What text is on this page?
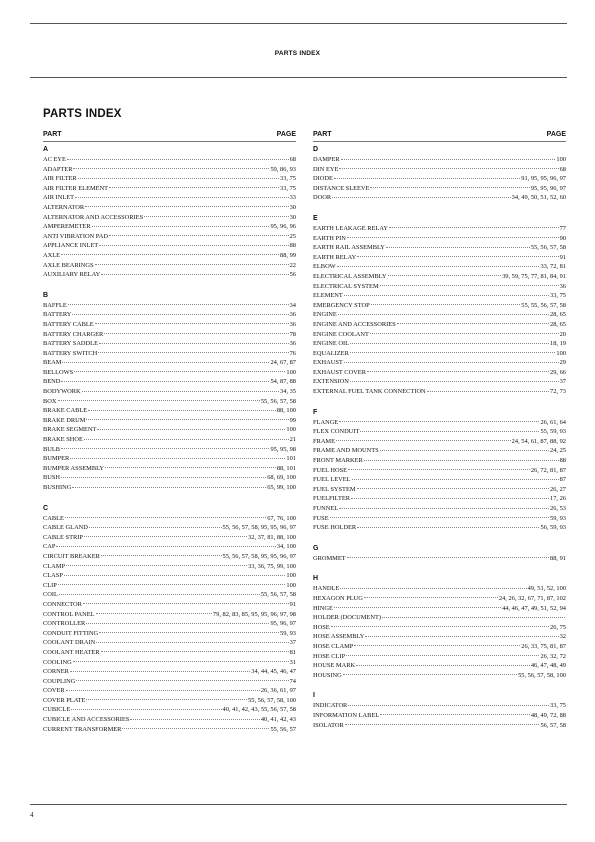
PARTS INDEX
PARTS INDEX
PART	PAGE
A
AC EYE	68
ADAPTER	59, 86, 93
AIR FILTER	33, 75
AIR FILTER ELEMENT	33, 75
AIR INLET	33
ALTERNATOR	30
ALTERNATOR AND ACCESSORIES	30
AMPEREMETER	95, 96, 96
ANTI VIBRATION PAD	25
APPLIANCE INLET	88
AXLE	88, 99
AXLE BEARINGS	22
AUXILIARY RELAY	56
B
BAFFLE	34
BATTERY	36
BATTERY CABLE	36
BATTERY CHARGER	78
BATTERY SADDLE	36
BATTERY SWITCH	76
BEAM	24, 67, 87
BELLOWS	100
BEND	54, 87, 88
BODYWORK	34, 35
BOX	55, 56, 57, 58
BRAKE CABLE	88, 100
BRAKE DRUM	99
BRAKE SEGMENT	100
BRAKE SHOE	21
BULB	95, 95, 98
BUMPER	101
BUMPER ASSEMBLY	88, 101
BUSH	68, 69, 100
BUSHING	65, 99, 100
C
CABLE	67, 76, 100
CABLE GLAND	55, 56, 57, 58, 95, 95, 96, 97
CABLE STRIP	32, 37, 81, 88, 100
CAP	34, 100
CIRCUIT BREAKER	55, 56, 57, 58, 95, 95, 96, 97
CLAMP	33, 36, 75, 99, 100
CLASP	100
CLIP	100
COIL	55, 56, 57, 58
CONNECTOR	91
CONTROL PANEL	79, 82, 83, 85, 95, 95, 96, 97, 98
CONTROLLER	95, 96, 97
CONDUIT FITTING	59, 93
COOLANT DRAIN	37
COOLANT HEATER	81
COOLING	31
CORNER	34, 44, 45, 46, 47
COUPLING	74
COVER	26, 36, 61, 97
COVER PLATE	55, 56, 57, 58, 100
CUBICLE	40, 41, 42, 43, 55, 56, 57, 58
CUBICLE AND ACCESSORIES	40, 41, 42, 43
CURRENT TRANSFORMER	55, 56, 57
PART	PAGE
D
DAMPER	100
DIN EYE	68
DIODE	91, 95, 95, 96, 97
DISTANCE SLEEVE	95, 95, 96, 97
DOOR	34, 49, 50, 51, 52, 60
E
EARTH LEAKAGE RELAY	77
EARTH PIN	90
EARTH RAIL ASSEMBLY	55, 56, 57, 58
EARTH RELAY	91
ELBOW	33, 72, 81
ELECTRICAL ASSEMBLY	39, 59, 75, 77, 81, 84, 91
ELECTRICAL SYSTEM	36
ELEMENT	33, 75
EMERGENCY STOP	55, 55, 56, 57, 58
ENGINE	28, 65
ENGINE AND ACCESSORIES	28, 65
ENGINE COOLANT	20
ENGINE OIL	18, 19
EQUALIZER	100
EXHAUST	29
EXHAUST COVER	29, 66
EXTENSION	37
EXTERNAL FUEL TANK CONNECTION	72, 73
F
FLANGE	26, 61, 64
FLEX CONDUIT	55, 59, 93
FRAME	24, 54, 61, 87, 88, 92
FRAME AND MOUNTS	24, 25
FRONT MARKER	88
FUEL HOSE	26, 72, 81, 87
FUEL LEVEL	87
FUEL SYSTEM	26, 27
FUELFILTER	17, 26
FUNNEL	26, 53
FUSE	59, 93
FUSE HOLDER	56, 59, 93
G
GROMMET	88, 91
H
HANDLE	49, 51, 52, 100
HEXAGON PLUG	24, 26, 32, 67, 71, 87, 102
HINGE	44, 46, 47, 49, 51, 52, 94
HOLDER (DOCUMENT)
HOSE	26, 75
HOSE ASSEMBLY	32
HOSE CLAMP	26, 33, 75, 81, 87
HOSE CLIP	26, 32, 72
HOUSE MARK	46, 47, 48, 49
HOUSING	55, 56, 57, 58, 100
I
INDICATOR	33, 75
INFORMATION LABEL	48, 49, 72, 88
ISOLATOR	56, 57, 58
4
